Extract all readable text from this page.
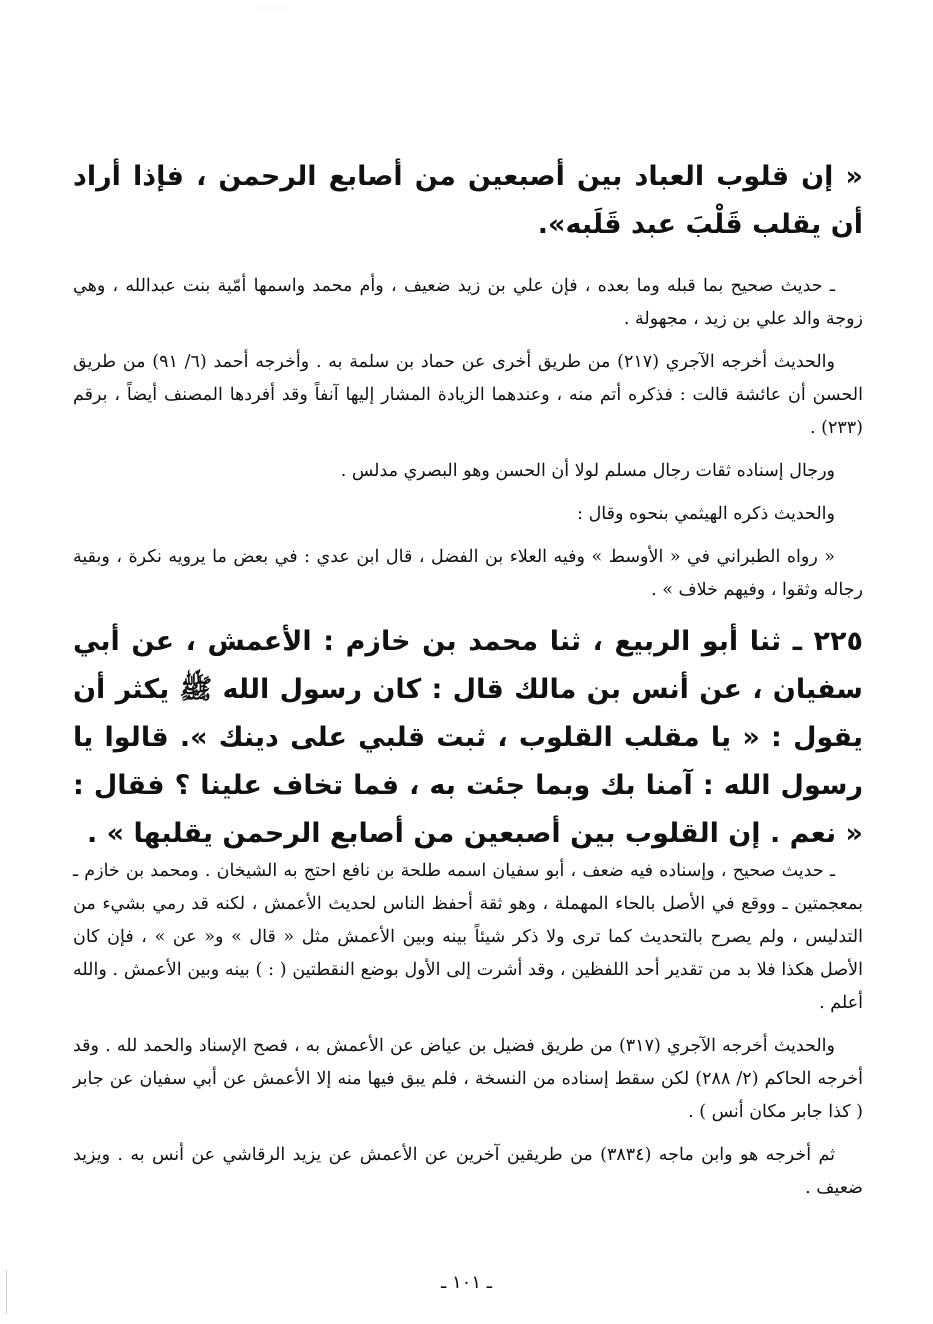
· · · ·

« إن قلوب العباد بين أصبعين من أصابع الرحمن ، فإذا أراد أن يقلب قَلْبَ عبد قَلَبه».

ـ حديث صحيح بما قبله وما بعده ، فإن علي بن زيد ضعيف ، وأم محمد واسمها أمّية بنت عبدالله ، وهي زوجة والد علي بن زيد ، مجهولة .

والحديث أخرجه الآجري (٢١٧) من طريق أخرى عن حماد بن سلمة به . وأخرجه أحمد (٦/ ٩١) من طريق الحسن أن عائشة قالت : فذكره أتم منه ، وعندهما الزيادة المشار إليها آنفاً وقد أفردها المصنف أيضاً ، برقم (٢٣٣) .

ورجال إسناده ثقات رجال مسلم لولا أن الحسن وهو البصري مدلس .

والحديث ذكره الهيثمي بنحوه وقال :

« رواه الطبراني في « الأوسط » وفيه العلاء بن الفضل ، قال ابن عدي : في بعض ما يرويه نكرة ، وبقية رجاله وثقوا ، وفيهم خلاف » .

٢٢٥ ـ ثنا أبو الربيع ، ثنا محمد بن خازم : الأعمش ، عن أبي سفيان ، عن أنس بن مالك قال : كان رسول الله ﷺ يكثر أن يقول : « يا مقلب القلوب ، ثبت قلبي على دينك ». قالوا يا رسول الله : آمنا بك وبما جئت به ، فما تخاف علينا ؟ فقال : « نعم . إن القلوب بين أصبعين من أصابع الرحمن يقلبها » .

ـ حديث صحيح ، وإسناده فيه ضعف ، أبو سفيان اسمه طلحة بن نافع احتج به الشيخان . ومحمد بن خازم ـ بمعجمتين ـ ووقع في الأصل بالحاء المهملة ، وهو ثقة أحفظ الناس لحديث الأعمش ، لكنه قد رمي بشيء من التدليس ، ولم يصرح بالتحديث كما ترى ولا ذكر شيئاً بينه وبين الأعمش مثل « قال » و« عن » ، فإن كان الأصل هكذا فلا بد من تقدير أحد اللفظين ، وقد أشرت إلى الأول بوضع النقطتين ( : ) بينه وبين الأعمش . والله أعلم .

والحديث أخرجه الآجري (٣١٧) من طريق فضيل بن عياض عن الأعمش به ، فصح الإسناد والحمد لله . وقد أخرجه الحاكم (٢/ ٢٨٨) لكن سقط إسناده من النسخة ، فلم يبق فيها منه إلا الأعمش عن أبي سفيان عن جابر ( كذا جابر مكان أنس ) .

ثم أخرجه هو وابن ماجه (٣٨٣٤) من طريقين آخرين عن الأعمش عن يزيد الرقاشي عن أنس به . ويزيد ضعيف .

ـ ١٠١ ـ
